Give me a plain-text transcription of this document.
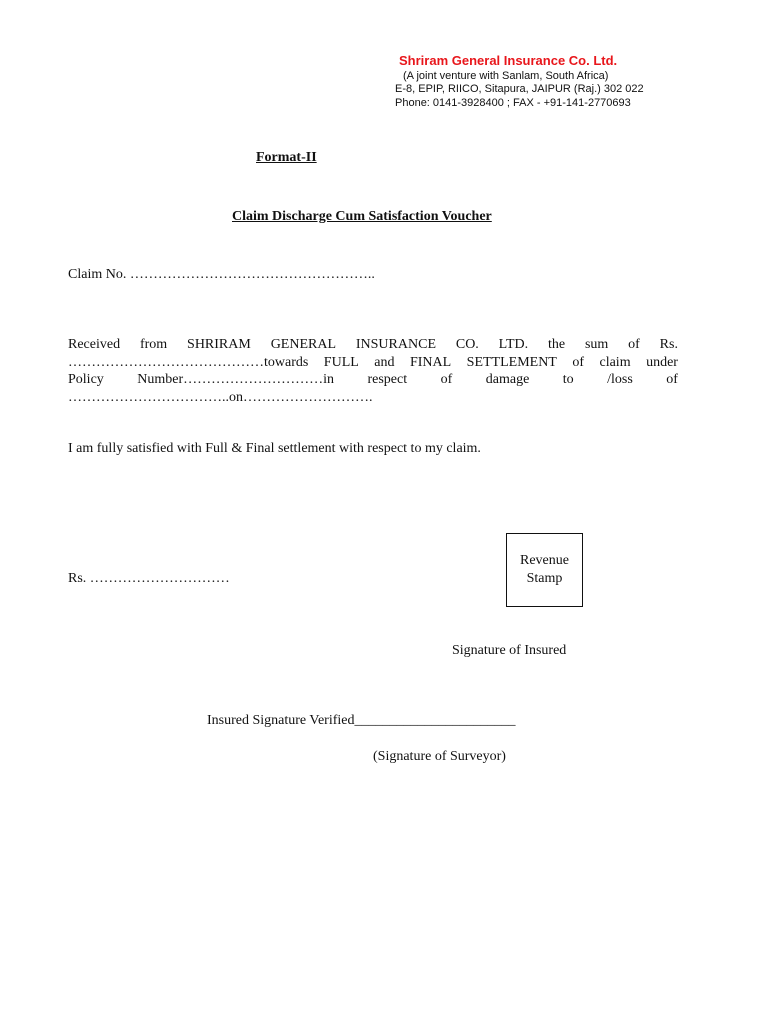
Shriram General Insurance Co. Ltd.
(A joint venture with Sanlam, South Africa)
E-8, EPIP, RIICO, Sitapura, JAIPUR (Raj.) 302 022
Phone: 0141-3928400 ; FAX - +91-141-2770693
Format-II
Claim Discharge Cum Satisfaction Voucher
Claim No. ……………………………………………..
Received from SHRIRAM GENERAL INSURANCE CO. LTD. the sum of Rs.
……………………………………towards FULL and FINAL SETTLEMENT of claim under
Policy Number…………………………in respect of damage to /loss of
……………………………..on……………………….
I am fully satisfied with Full & Final settlement with respect to my claim.
Rs. …………………………
Revenue
Stamp
Signature of Insured
Insured Signature Verified_______________________
(Signature of Surveyor)
